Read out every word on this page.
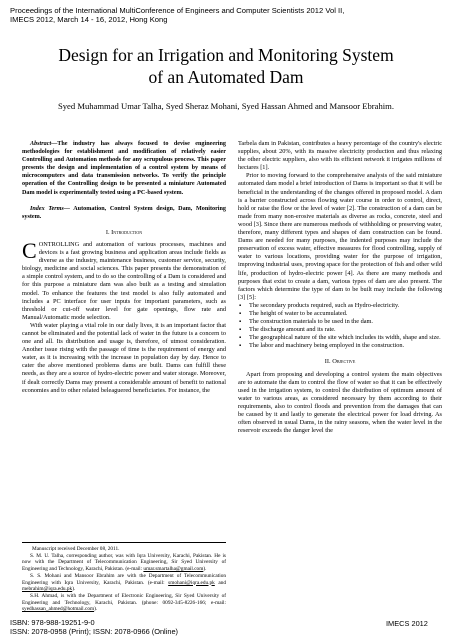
Proceedings of the International MultiConference of Engineers and Computer Scientists 2012 Vol II,
IMECS 2012, March 14 - 16, 2012, Hong Kong
Design for an Irrigation and Monitoring System
of an Automated Dam
Syed Muhammad Umar Talha, Syed Sheraz Mohani, Syed Hassan Ahmed and Mansoor Ebrahim.

Abstract—The industry has always focused to devise engineering methodologies for establishment and modification of relatively easier Controlling and Automation methods for any scrupulous process. This paper presents the design and implementation of a control system by means of microcomputers and data transmission networks. To verify the principle operation of the Controlling design to be presented a miniature Automated Dam model is experimentally tested using a PC-based system.

Index Terms— Automation, Control System design, Dam, Monitoring system.

I. Introduction

CONTROLLING and automation of various processes, machines and devices is a fast growing business and application areas include fields as diverse as the industry, maintenance business, customer service, security, biology, medicine and social sciences. This paper presents the demonstration of a simple control system, and to do so the controlling of a Dam is considered and for this purpose a miniature dam was also built as a testing and simulation model. To enhance the features the test model is also fully automated and includes a PC interface for user inputs for important parameters, such as threshold or cut-off water level for gate openings, flow rate and Manual/Automatic mode selection.

With water playing a vital role in our daily lives, it is an important factor that cannot be eliminated and the potential lack of water in the future is a concern to one and all. Its distribution and usage is, therefore, of utmost consideration. Another issue rising with the passage of time is the requirement of energy and water, as it is increasing with the increase in population day by day. Hence to cater the above mentioned problems dams are built. Dams can fulfill these needs, as they are a source of hydro-electric power and water storage. Moreover, if dealt correctly Dams may present a considerable amount of benefit to national economies and to other related beleaguered beneficiaries. For instance, the

Manuscript received December 08, 2011.

S. M. U. Talha, corresponding author, was with Iqra University, Karachi, Pakistan. He is now with the Department of Telecommunication Engineering, Sir Syed University of Engineering and Technology, Karachi, Pakistan. (e-mail: umar.smartalha@gmail.com).

S. S. Mohani and Mansoor Ebrahim are with the Department of Telecommunication Engineering with Iqra University, Karachi, Pakistan. (e-mail: smohani@iqra.edu.pk and mebrahim@iqra.edu.pk).

S.H. Ahmad, is with the Department of Electronic Engineering, Sir Syed University of Engineering and Technology, Karachi, Pakistan. (phone: 0092-345-8226-166; e-mail: syedhassan_ahmed@hotmail.com).

Tarbela dam in Pakistan, contributes a heavy percentage of the country's electric supplies, about 20%, with its massive electricity production and thus relaxing the other electric suppliers, also with its efficient network it irrigates millions of hectares [1].

Prior to moving forward to the comprehensive analysis of the said miniature automated dam model a brief introduction of Dams is important so that it will be beneficial in the understanding of the changes offered in proposed model. A dam is a barrier constructed across flowing water course in order to control, direct, hold or raise the flow or the level of water [2]. The construction of a dam can be made from many non-erosive materials as diverse as rocks, concrete, steel and wood [3]. Since there are numerous methods of withholding or preserving water, therefore, many different types and shapes of dam construction can be found. Dams are needed for many purposes, the indented purposes may include the preservation of excess water, effective measures for flood controlling, supply of water to various locations, providing water for the purpose of irrigation, improving industrial uses, proving space for the protection of fish and other wild life, production of hydro-electric power [4]. As there are many methods and purposes that exist to create a dam, various types of dam are also present. The factors which determine the type of dam to be built may include the following [3] [5]:

▪ The secondary products required, such as Hydro-electricity.
▪ The height of water to be accumulated.
▪ The construction materials to be used in the dam.
▪ The discharge amount and its rate.
▪ The geographical nature of the site which includes its width, shape and size.
▪ The labor and machinery being employed in the construction.

II. Objective

Apart from proposing and developing a control system the main objectives are to automate the dam to control the flow of water so that it can be effectively used in the irrigation system, to control the distribution of optimum amount of water to various areas, as considered necessary by them according to their requirements, also to control floods and prevention from the damages that can be caused by it and lastly to generate the electrical power for load driving. As often observed in usual Dams, in the rainy seasons, when the water level in the reservoir exceeds the danger level the

ISBN: 978-988-19251-9-0
ISSN: 2078-0958 (Print); ISSN: 2078-0966 (Online)
IMECS 2012
